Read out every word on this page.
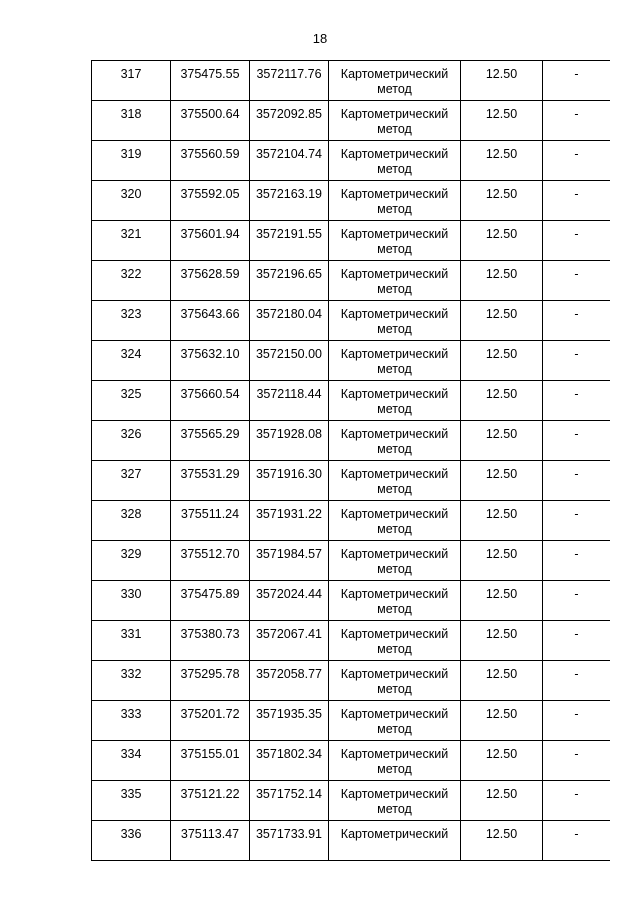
18
317	375475.55	3572117.76	Картометрический метод	12.50	-

318	375500.64	3572092.85	Картометрический метод	12.50	-

319	375560.59	3572104.74	Картометрический метод	12.50	-

320	375592.05	3572163.19	Картометрический метод	12.50	-

321	375601.94	3572191.55	Картометрический метод	12.50	-

322	375628.59	3572196.65	Картометрический метод	12.50	-

323	375643.66	3572180.04	Картометрический метод	12.50	-

324	375632.10	3572150.00	Картометрический метод	12.50	-

325	375660.54	3572118.44	Картометрический метод	12.50	-

326	375565.29	3571928.08	Картометрический метод	12.50	-

327	375531.29	3571916.30	Картометрический метод	12.50	-

328	375511.24	3571931.22	Картометрический метод	12.50	-

329	375512.70	3571984.57	Картометрический метод	12.50	-

330	375475.89	3572024.44	Картометрический метод	12.50	-

331	375380.73	3572067.41	Картометрический метод	12.50	-

332	375295.78	3572058.77	Картометрический метод	12.50	-

333	375201.72	3571935.35	Картометрический метод	12.50	-

334	375155.01	3571802.34	Картометрический метод	12.50	-

335	375121.22	3571752.14	Картометрический метод	12.50	-

336	375113.47	3571733.91	Картометрический	12.50	-
